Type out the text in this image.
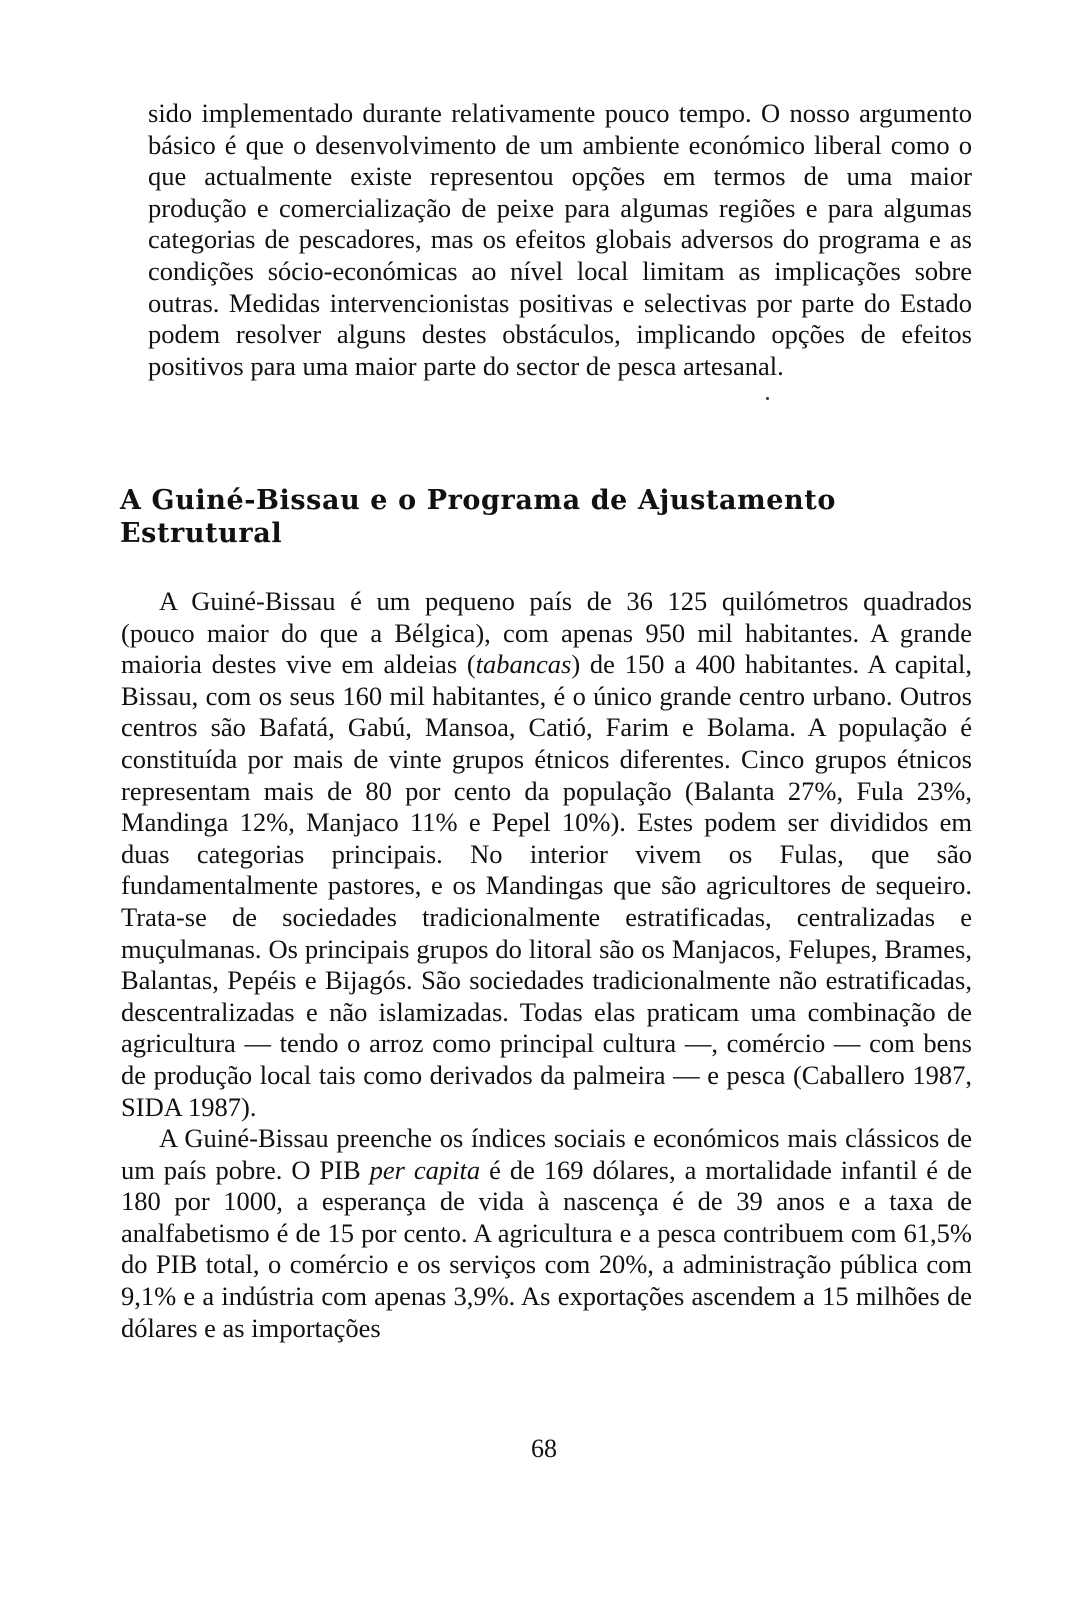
sido implementado durante relativamente pouco tempo. O nosso argumento básico é que o desenvolvimento de um ambiente económico liberal como o que actualmente existe representou opções em termos de uma maior produção e comercialização de peixe para algumas regiões e para algumas categorias de pescadores, mas os efeitos globais adversos do programa e as condições sócio-económicas ao nível local limitam as implicações sobre outras. Medidas intervencionistas positivas e selectivas por parte do Estado podem resolver alguns destes obstáculos, implicando opções de efeitos positivos para uma maior parte do sector de pesca artesanal.

A Guiné-Bissau e o Programa de Ajustamento Estrutural

A Guiné-Bissau é um pequeno país de 36 125 quilómetros quadrados (pouco maior do que a Bélgica), com apenas 950 mil habitantes. A grande maioria destes vive em aldeias (tabancas) de 150 a 400 habitantes. A capital, Bissau, com os seus 160 mil habitantes, é o único grande centro urbano. Outros centros são Bafatá, Gabú, Mansoa, Catió, Farim e Bolama. A população é constituída por mais de vinte grupos étnicos diferentes. Cinco grupos étnicos representam mais de 80 por cento da população (Balanta 27%, Fula 23%, Mandinga 12%, Manjaco 11% e Pepel 10%). Estes podem ser divididos em duas categorias principais. No interior vivem os Fulas, que são fundamentalmente pastores, e os Mandingas que são agricultores de sequeiro. Trata-se de sociedades tradicionalmente estratificadas, centralizadas e muçulmanas. Os principais grupos do litoral são os Manjacos, Felupes, Brames, Balantas, Pepéis e Bijagós. São sociedades tradicionalmente não estratificadas, descentralizadas e não islamizadas. Todas elas praticam uma combinação de agricultura — tendo o arroz como principal cultura —, comércio — com bens de produção local tais como derivados da palmeira — e pesca (Caballero 1987, SIDA 1987).

A Guiné-Bissau preenche os índices sociais e económicos mais clássicos de um país pobre. O PIB per capita é de 169 dólares, a mortalidade infantil é de 180 por 1000, a esperança de vida à nascença é de 39 anos e a taxa de analfabetismo é de 15 por cento. A agricultura e a pesca contribuem com 61,5% do PIB total, o comércio e os serviços com 20%, a administração pública com 9,1% e a indústria com apenas 3,9%. As exportações ascendem a 15 milhões de dólares e as importações

68
